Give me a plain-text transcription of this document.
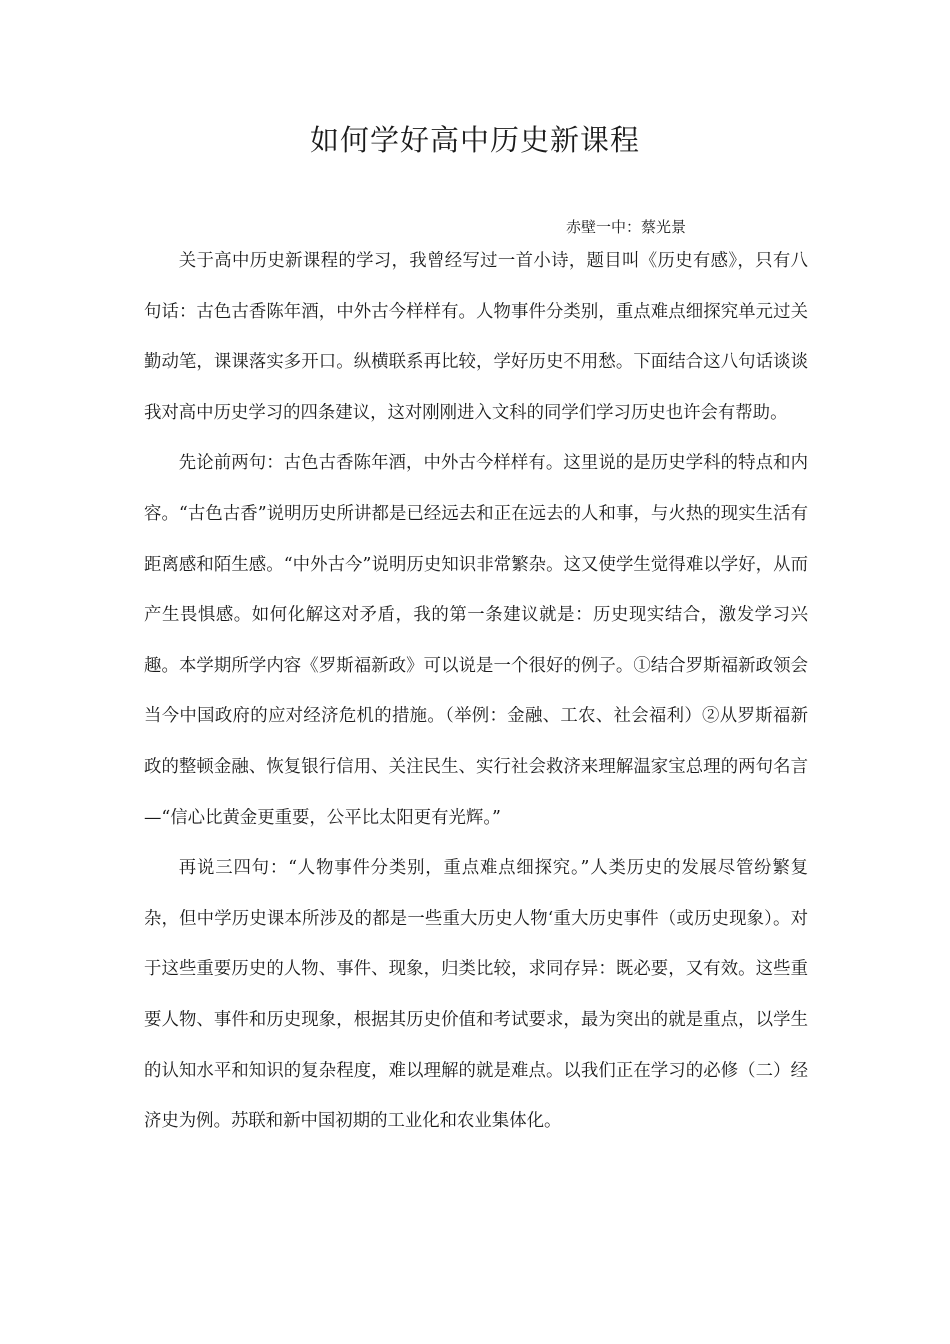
如何学好高中历史新课程
赤壁一中：蔡光景

关于高中历史新课程的学习，我曾经写过一首小诗，题目叫《历史有感》，只有八句话：古色古香陈年酒，中外古今样样有。人物事件分类别，重点难点细探究单元过关勤动笔，课课落实多开口。纵横联系再比较，学好历史不用愁。下面结合这八句话谈谈我对高中历史学习的四条建议，这对刚刚进入文科的同学们学习历史也许会有帮助。

先论前两句：古色古香陈年酒，中外古今样样有。这里说的是历史学科的特点和内容。“古色古香”说明历史所讲都是已经远去和正在远去的人和事，与火热的现实生活有距离感和陌生感。“中外古今”说明历史知识非常繁杂。这又使学生觉得难以学好，从而产生畏惧感。如何化解这对矛盾，我的第一条建议就是：历史现实结合，激发学习兴趣。本学期所学内容《罗斯福新政》可以说是一个很好的例子。①结合罗斯福新政领会当今中国政府的应对经济危机的措施。（举例：金融、工农、社会福利）②从罗斯福新政的整顿金融、恢复银行信用、关注民生、实行社会救济来理解温家宝总理的两句名言—“信心比黄金更重要，公平比太阳更有光辉。”

再说三四句：“人物事件分类别，重点难点细探究。”人类历史的发展尽管纷繁复杂，但中学历史课本所涉及的都是一些重大历史人物‘重大历史事件（或历史现象）。对于这些重要历史的人物、事件、现象，归类比较，求同存异：既必要，又有效。这些重要人物、事件和历史现象，根据其历史价值和考试要求，最为突出的就是重点，以学生的认知水平和知识的复杂程度，难以理解的就是难点。以我们正在学习的必修（二）经济史为例。苏联和新中国初期的工业化和农业集体化。
